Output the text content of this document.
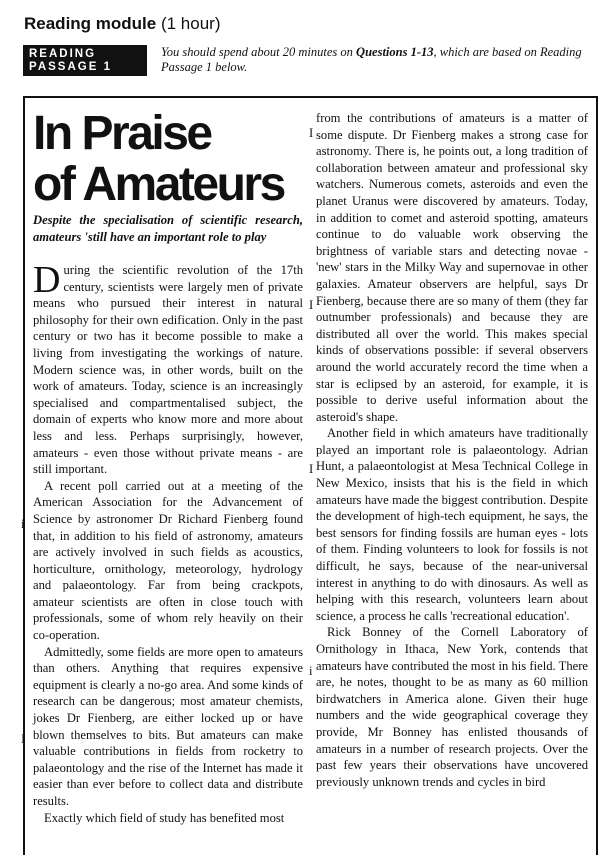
Reading module (1 hour)
READING
PASSAGE 1
You should spend about 20 minutes on Questions 1-13, which are based on Reading Passage 1 below.
In Praise
of Amateurs
Despite the specialisation of scientific research, amateurs 'still have an important role to play

During the scientific revolution of the 17th century, scientists were largely men of private means who pursued their interest in natural philosophy for their own edification. Only in the past century or two has it become possible to make a living from investigating the workings of nature. Modern science was, in other words, built on the work of amateurs. Today, science is an increasingly specialised and compartmentalised subject, the domain of experts who know more and more about less and less. Perhaps surprisingly, however, amateurs - even those without private means - are still important.

A recent poll carried out at a meeting of the American Association for the Advancement of Science by astronomer Dr Richard Fienberg found that, in addition to his field of astronomy, amateurs are actively involved in such fields as acoustics, horticulture, ornithology, meteorology, hydrology and palaeontology. Far from being crackpots, amateur scientists are often in close touch with professionals, some of whom rely heavily on their co-operation.

Admittedly, some fields are more open to amateurs than others. Anything that requires expensive equipment is clearly a no-go area. And some kinds of research can be dangerous; most amateur chemists, jokes Dr Fienberg, are either locked up or have blown themselves to bits. But amateurs can make valuable contributions in fields from rocketry to palaeontology and the rise of the Internet has made it easier than ever before to collect data and distribute results.

Exactly which field of study has benefited most

from the contributions of amateurs is a matter of some dispute. Dr Fienberg makes a strong case for astronomy. There is, he points out, a long tradition of collaboration between amateur and professional sky watchers. Numerous comets, asteroids and even the planet Uranus were discovered by amateurs. Today, in addition to comet and asteroid spotting, amateurs continue to do valuable work observing the brightness of variable stars and detecting novae - 'new' stars in the Milky Way and supernovae in other galaxies. Amateur observers are helpful, says Dr Fienberg, because there are so many of them (they far outnumber professionals) and because they are distributed all over the world. This makes special kinds of observations possible: if several observers around the world accurately record the time when a star is eclipsed by an asteroid, for example, it is possible to derive useful information about the asteroid's shape.

Another field in which amateurs have traditionally played an important role is palaeontology. Adrian Hunt, a palaeontologist at Mesa Technical College in New Mexico, insists that his is the field in which amateurs have made the biggest contribution. Despite the development of high-tech equipment, he says, the best sensors for finding fossils are human eyes - lots of them. Finding volunteers to look for fossils is not difficult, he says, because of the near-universal interest in anything to do with dinosaurs. As well as helping with this research, volunteers learn about science, a process he calls 'recreational education'.

Rick Bonney of the Cornell Laboratory of Ornithology in Ithaca, New York, contends that amateurs have contributed the most in his field. There are, he notes, thought to be as many as 60 million birdwatchers in America alone. Given their huge numbers and the wide geographical coverage they provide, Mr Bonney has enlisted thousands of amateurs in a number of research projects. Over the past few years their observations have uncovered previously unknown trends and cycles in bird

i
I
I
I
I
i
